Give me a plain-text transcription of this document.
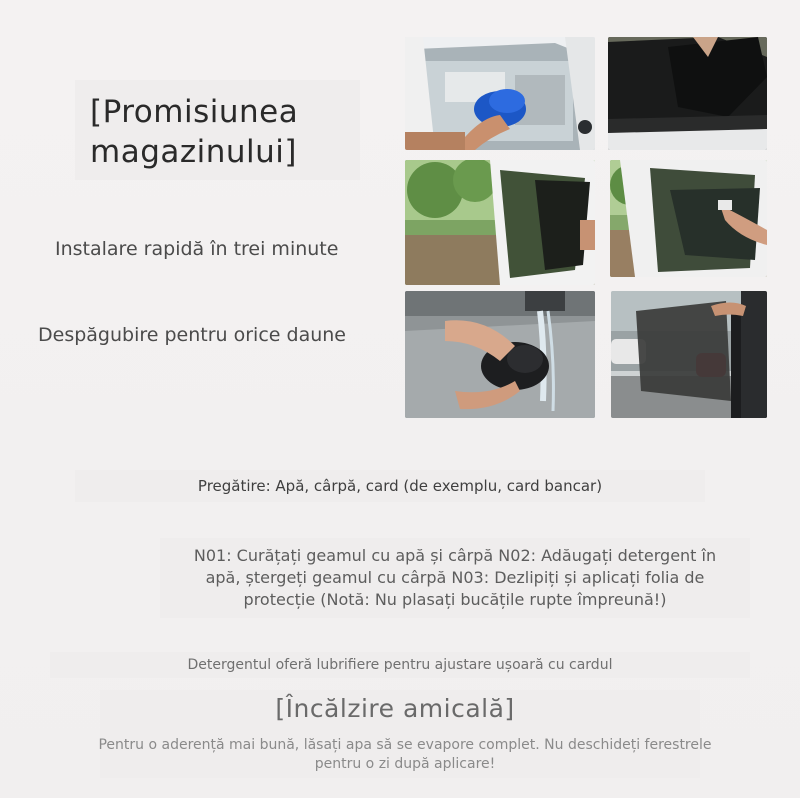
[Promisiunea
magazinului]
Instalare rapidă în trei minute
Despăgubire pentru orice daune
Pregătire: Apă, cârpă, card (de exemplu, card bancar)
N01: Curățați geamul cu apă și cârpă N02: Adăugați detergent în
apă, ștergeți geamul cu cârpă N03: Dezlipiți și aplicați folia de
protecție (Notă: Nu plasați bucățile rupte împreună!)
Detergentul oferă lubrifiere pentru ajustare ușoară cu cardul
[Încălzire amicală]
Pentru o aderență mai bună, lăsați apa să se evapore complet. Nu deschideți ferestrele
pentru o zi după aplicare!
